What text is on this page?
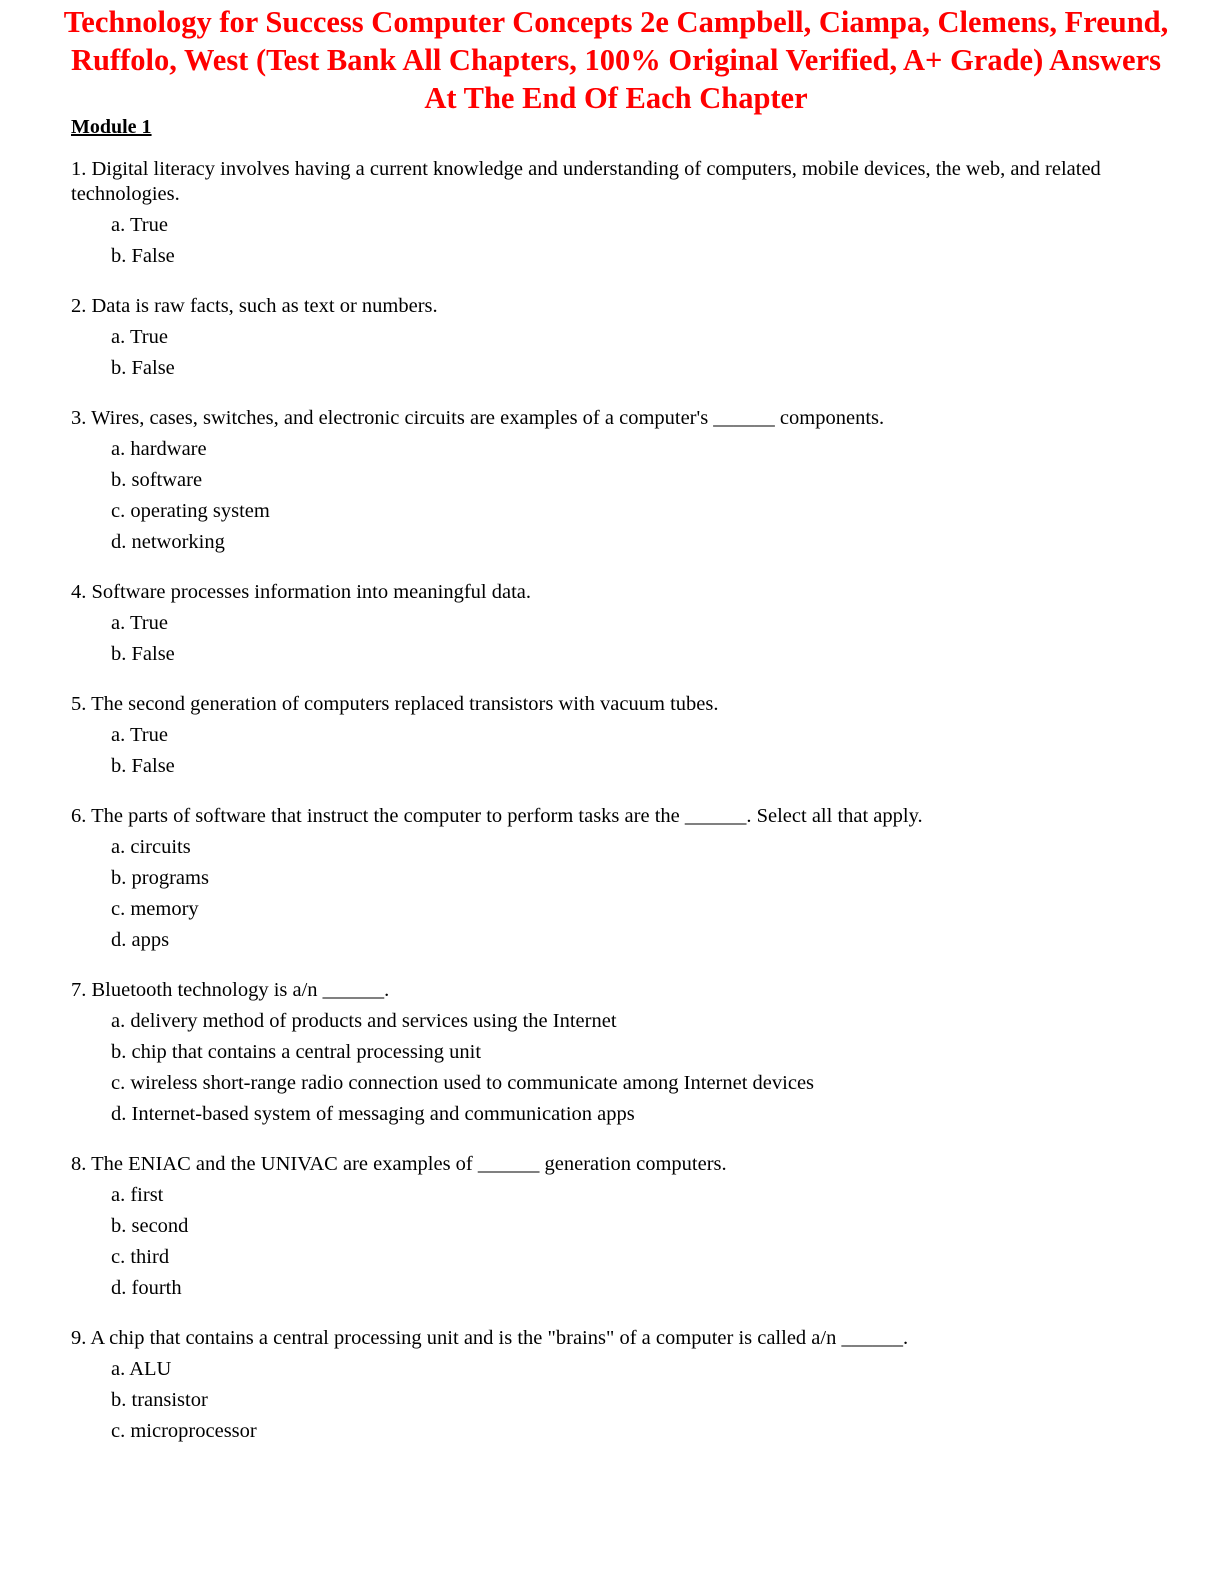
Technology for Success Computer Concepts 2e Campbell, Ciampa, Clemens, Freund, Ruffolo, West (Test Bank All Chapters, 100% Original Verified, A+ Grade) Answers At The End Of Each Chapter
Module 1

1. Digital literacy involves having a current knowledge and understanding of computers, mobile devices, the web, and related technologies.

a. True
b. False

2. Data is raw facts, such as text or numbers.

a. True
b. False

3. Wires, cases, switches, and electronic circuits are examples of a computer's ______ components.

a. hardware
b. software
c. operating system
d. networking

4. Software processes information into meaningful data.

a. True
b. False

5. The second generation of computers replaced transistors with vacuum tubes.

a. True
b. False

6. The parts of software that instruct the computer to perform tasks are the ______. Select all that apply.

a. circuits
b. programs
c. memory
d. apps

7. Bluetooth technology is a/n ______.

a. delivery method of products and services using the Internet
b. chip that contains a central processing unit
c. wireless short-range radio connection used to communicate among Internet devices
d. Internet-based system of messaging and communication apps

8. The ENIAC and the UNIVAC are examples of ______ generation computers.

a. first
b. second
c. third
d. fourth

9. A chip that contains a central processing unit and is the "brains" of a computer is called a/n ______.

a. ALU
b. transistor
c. microprocessor
